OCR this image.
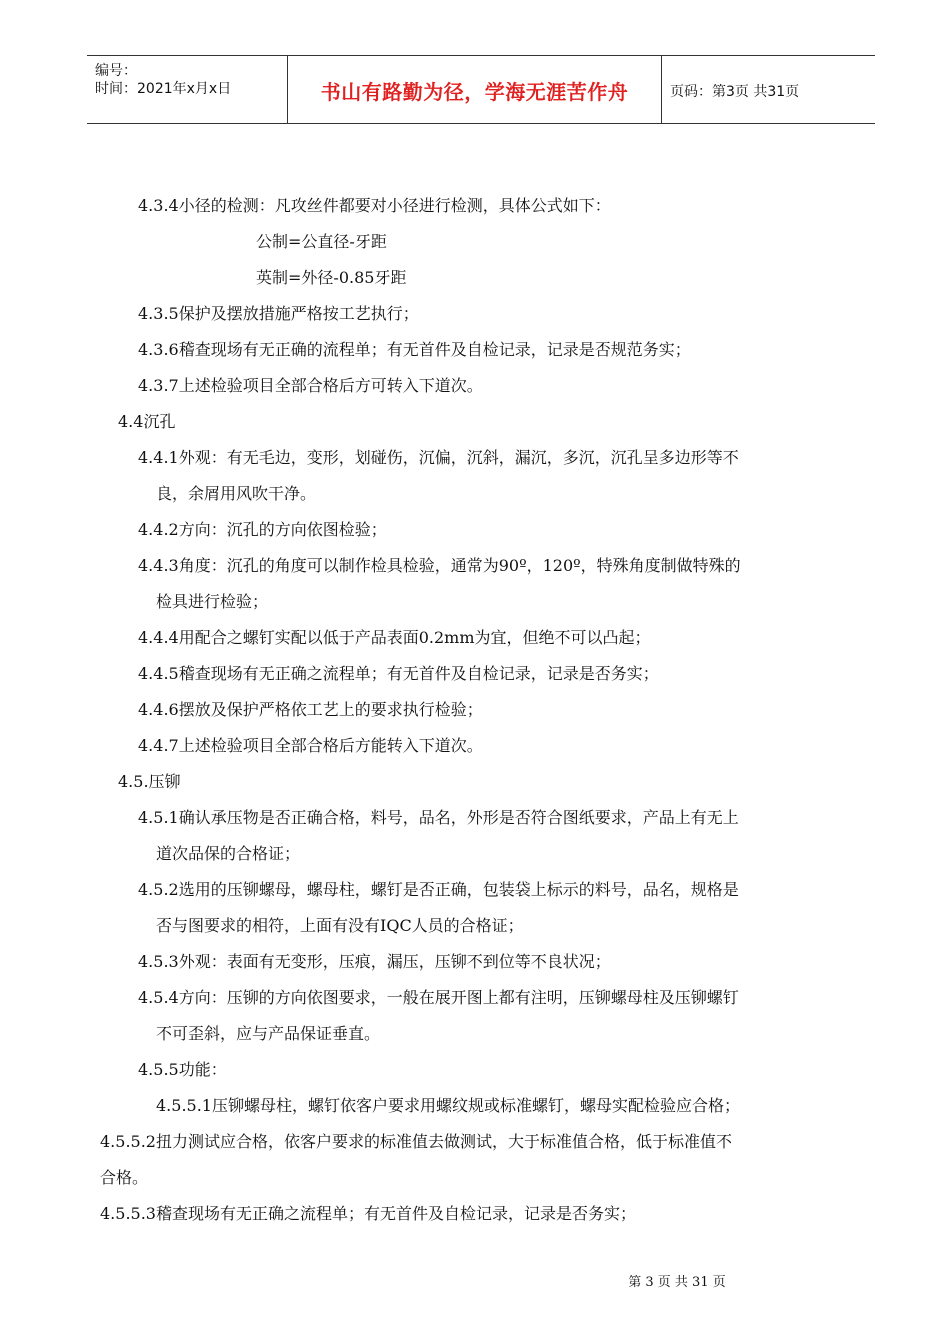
编号：
时间：2021年x月x日	书山有路勤为径，学海无涯苦作舟	页码：第3页 共31页
4.3.4小径的检测：凡攻丝件都要对小径进行检测，具体公式如下：
公制=公直径-牙距
英制=外径-0.85牙距
4.3.5保护及摆放措施严格按工艺执行；
4.3.6稽查现场有无正确的流程单；有无首件及自检记录，记录是否规范务实；
4.3.7上述检验项目全部合格后方可转入下道次。
4.4沉孔
4.4.1外观：有无毛边，变形，划碰伤，沉偏，沉斜，漏沉，多沉，沉孔呈多边形等不
良，余屑用风吹干净。
4.4.2方向：沉孔的方向依图检验；
4.4.3角度：沉孔的角度可以制作检具检验，通常为90º，120º，特殊角度制做特殊的
检具进行检验；
4.4.4用配合之螺钉实配以低于产品表面0.2mm为宜，但绝不可以凸起；
4.4.5稽查现场有无正确之流程单；有无首件及自检记录，记录是否务实；
4.4.6摆放及保护严格依工艺上的要求执行检验；
4.4.7上述检验项目全部合格后方能转入下道次。
4.5.压铆
4.5.1确认承压物是否正确合格，料号，品名，外形是否符合图纸要求，产品上有无上
道次品保的合格证；
4.5.2选用的压铆螺母，螺母柱，螺钉是否正确，包装袋上标示的料号，品名，规格是
否与图要求的相符，上面有没有IQC人员的合格证；
4.5.3外观：表面有无变形，压痕，漏压，压铆不到位等不良状况；
4.5.4方向：压铆的方向依图要求，一般在展开图上都有注明，压铆螺母柱及压铆螺钉
不可歪斜，应与产品保证垂直。
4.5.5功能：
4.5.5.1压铆螺母柱，螺钉依客户要求用螺纹规或标准螺钉，螺母实配检验应合格；
4.5.5.2扭力测试应合格，依客户要求的标准值去做测试，大于标准值合格，低于标准值不
合格。
4.5.5.3稽查现场有无正确之流程单；有无首件及自检记录，记录是否务实；
第 3 页 共 31 页
